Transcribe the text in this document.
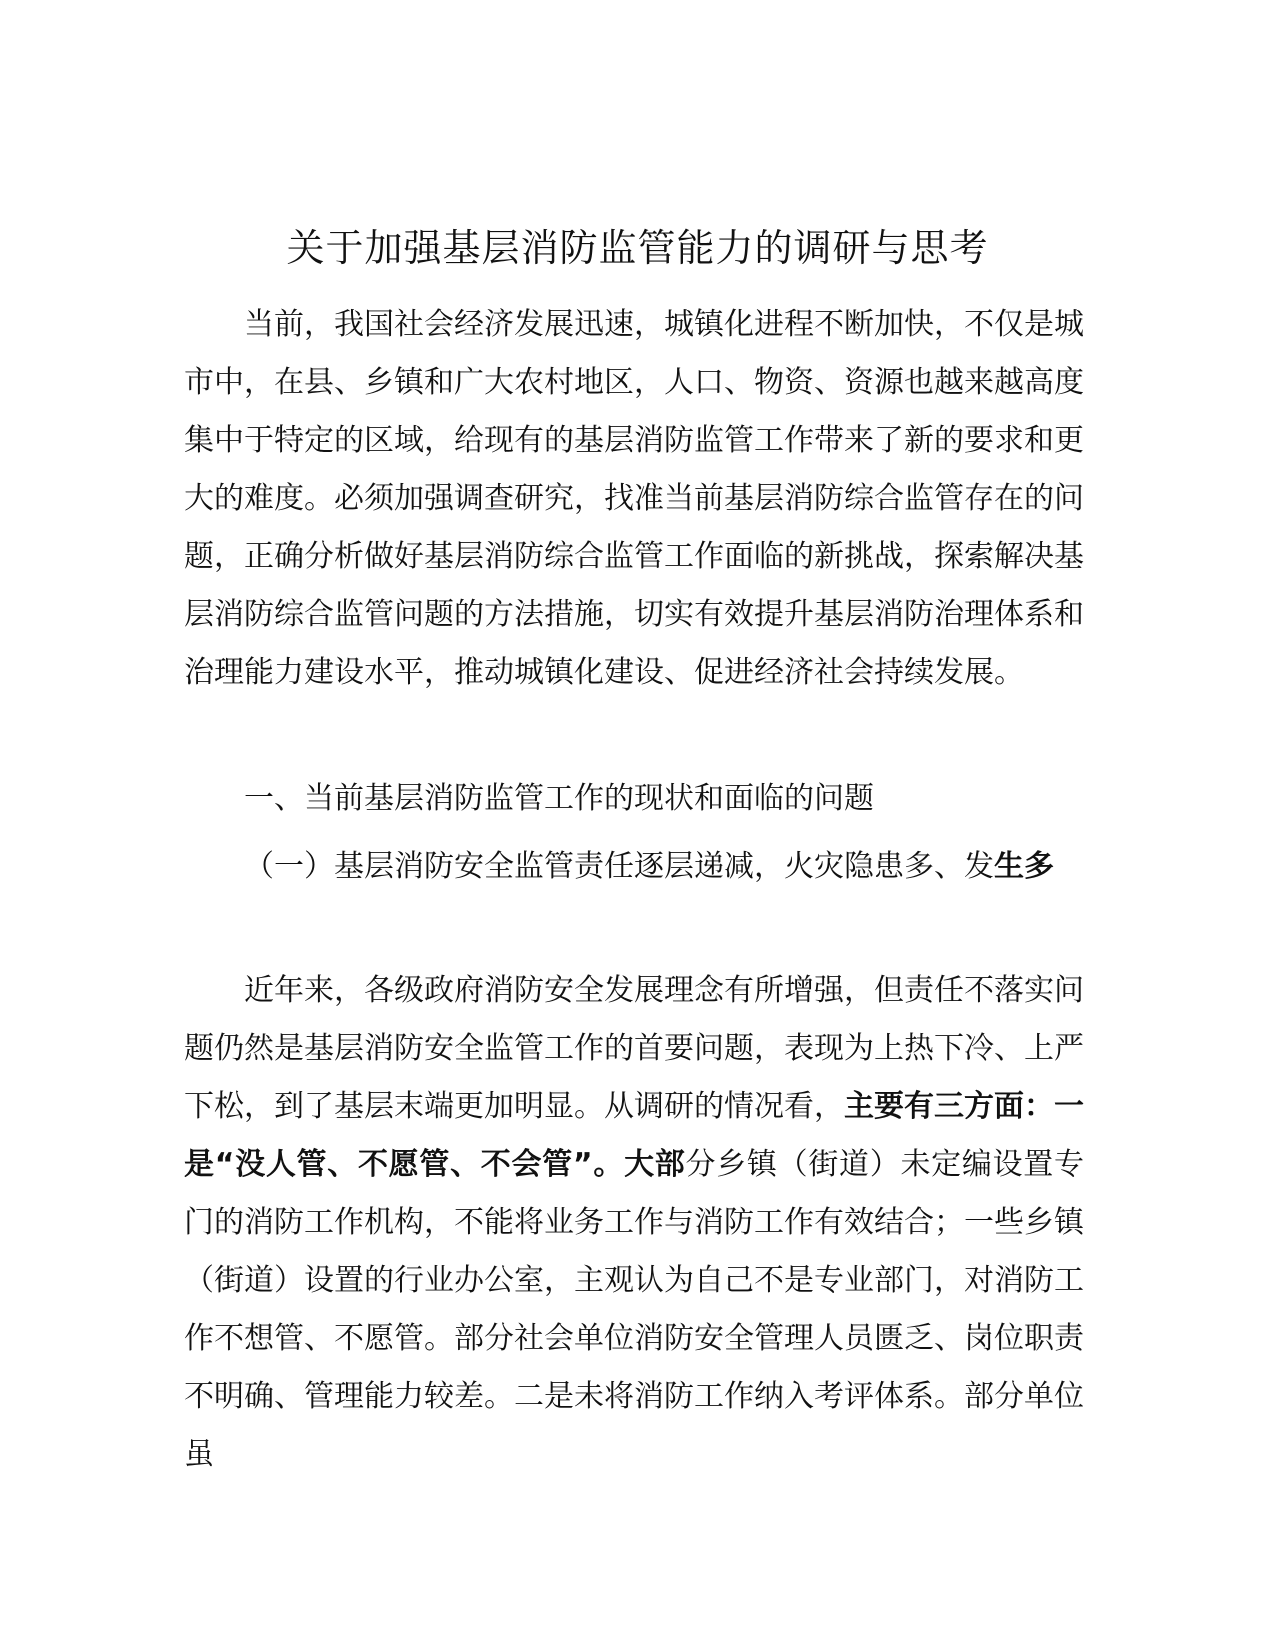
关于加强基层消防监管能力的调研与思考

当前，我国社会经济发展迅速，城镇化进程不断加快，不仅是城市中，在县、乡镇和广大农村地区，人口、物资、资源也越来越高度集中于特定的区域，给现有的基层消防监管工作带来了新的要求和更大的难度。必须加强调查研究，找准当前基层消防综合监管存在的问题，正确分析做好基层消防综合监管工作面临的新挑战，探索解决基层消防综合监管问题的方法措施，切实有效提升基层消防治理体系和治理能力建设水平，推动城镇化建设、促进经济社会持续发展。

一、当前基层消防监管工作的现状和面临的问题

（一）基层消防安全监管责任逐层递减，火灾隐患多、发生多

近年来，各级政府消防安全发展理念有所增强，但责任不落实问题仍然是基层消防安全监管工作的首要问题，表现为上热下冷、上严下松，到了基层末端更加明显。从调研的情况看，主要有三方面：一是“没人管、不愿管、不会管”。大部分乡镇（街道）未定编设置专门的消防工作机构，不能将业务工作与消防工作有效结合；一些乡镇（街道）设置的行业办公室，主观认为自己不是专业部门，对消防工作不想管、不愿管。部分社会单位消防安全管理人员匮乏、岗位职责不明确、管理能力较差。二是未将消防工作纳入考评体系。部分单位虽
